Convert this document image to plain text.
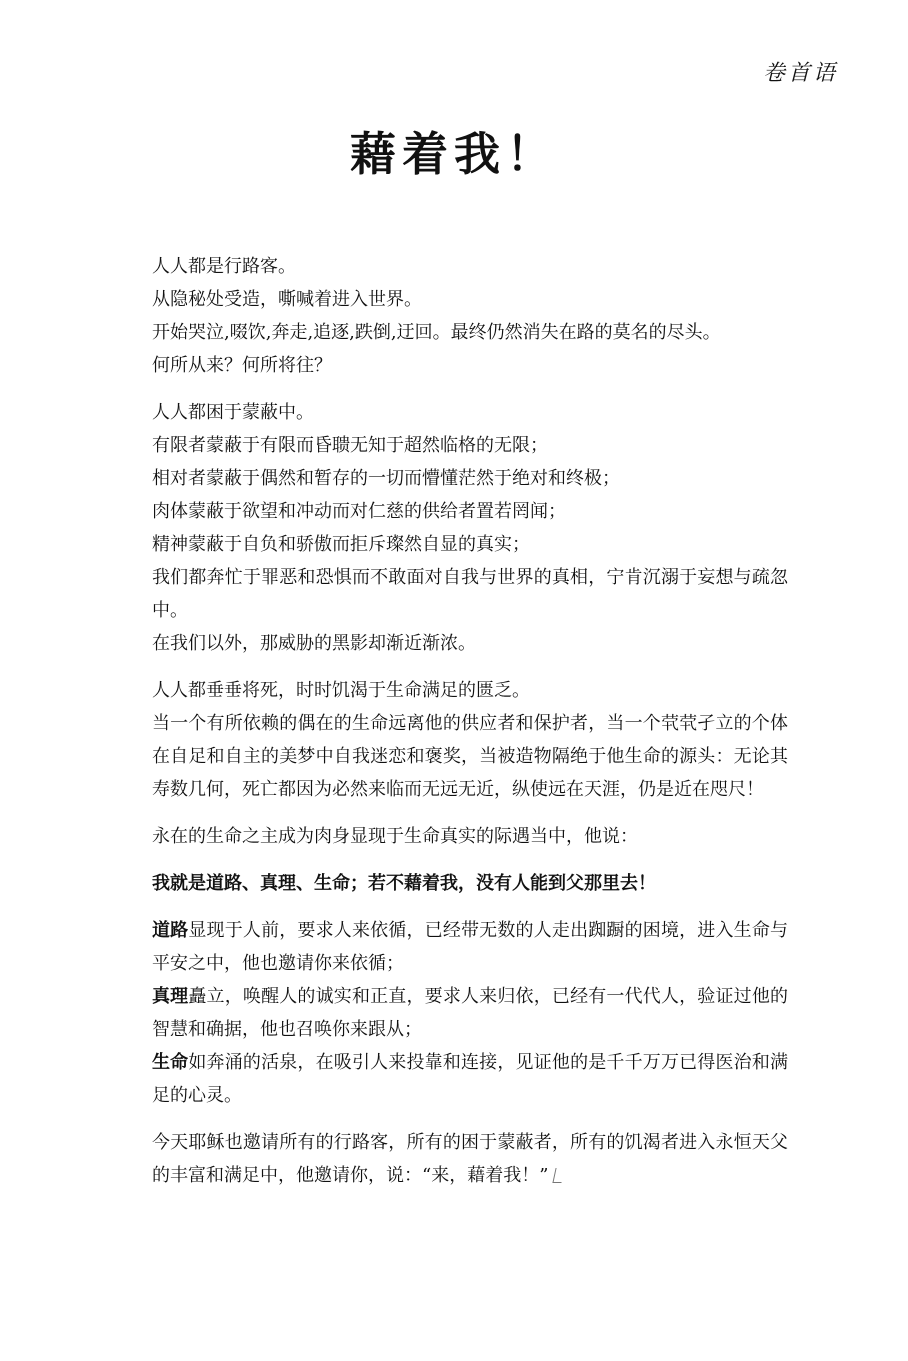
卷首语
藉着我！
人人都是行路客。
从隐秘处受造，嘶喊着进入世界。
开始哭泣,啜饮,奔走,追逐,跌倒,迂回。最终仍然消失在路的莫名的尽头。
何所从来？何所将往？
人人都困于蒙蔽中。
有限者蒙蔽于有限而昏聩无知于超然临格的无限；
相对者蒙蔽于偶然和暂存的一切而懵懂茫然于绝对和终极；
肉体蒙蔽于欲望和冲动而对仁慈的供给者置若罔闻；
精神蒙蔽于自负和骄傲而拒斥璨然自显的真实；
我们都奔忙于罪恶和恐惧而不敢面对自我与世界的真相，宁肯沉溺于妄想与疏忽中。
在我们以外，那威胁的黑影却渐近渐浓。
人人都垂垂将死，时时饥渴于生命满足的匮乏。
当一个有所依赖的偶在的生命远离他的供应者和保护者，当一个茕茕孑立的个体在自足和自主的美梦中自我迷恋和褒奖，当被造物隔绝于他生命的源头：无论其寿数几何，死亡都因为必然来临而无远无近，纵使远在天涯，仍是近在咫尺！
永在的生命之主成为肉身显现于生命真实的际遇当中，他说：
我就是道路、真理、生命；若不藉着我，没有人能到父那里去！
道路显现于人前，要求人来依循，已经带无数的人走出踟蹰的困境，进入生命与平安之中，他也邀请你来依循；
真理矗立，唤醒人的诚实和正直，要求人来归依，已经有一代代人，验证过他的智慧和确据，他也召唤你来跟从；
生命如奔涌的活泉，在吸引人来投靠和连接，见证他的是千千万万已得医治和满足的心灵。
今天耶稣也邀请所有的行路客，所有的困于蒙蔽者，所有的饥渴者进入永恒天父的丰富和满足中，他邀请你，说：“来，藉着我！”
